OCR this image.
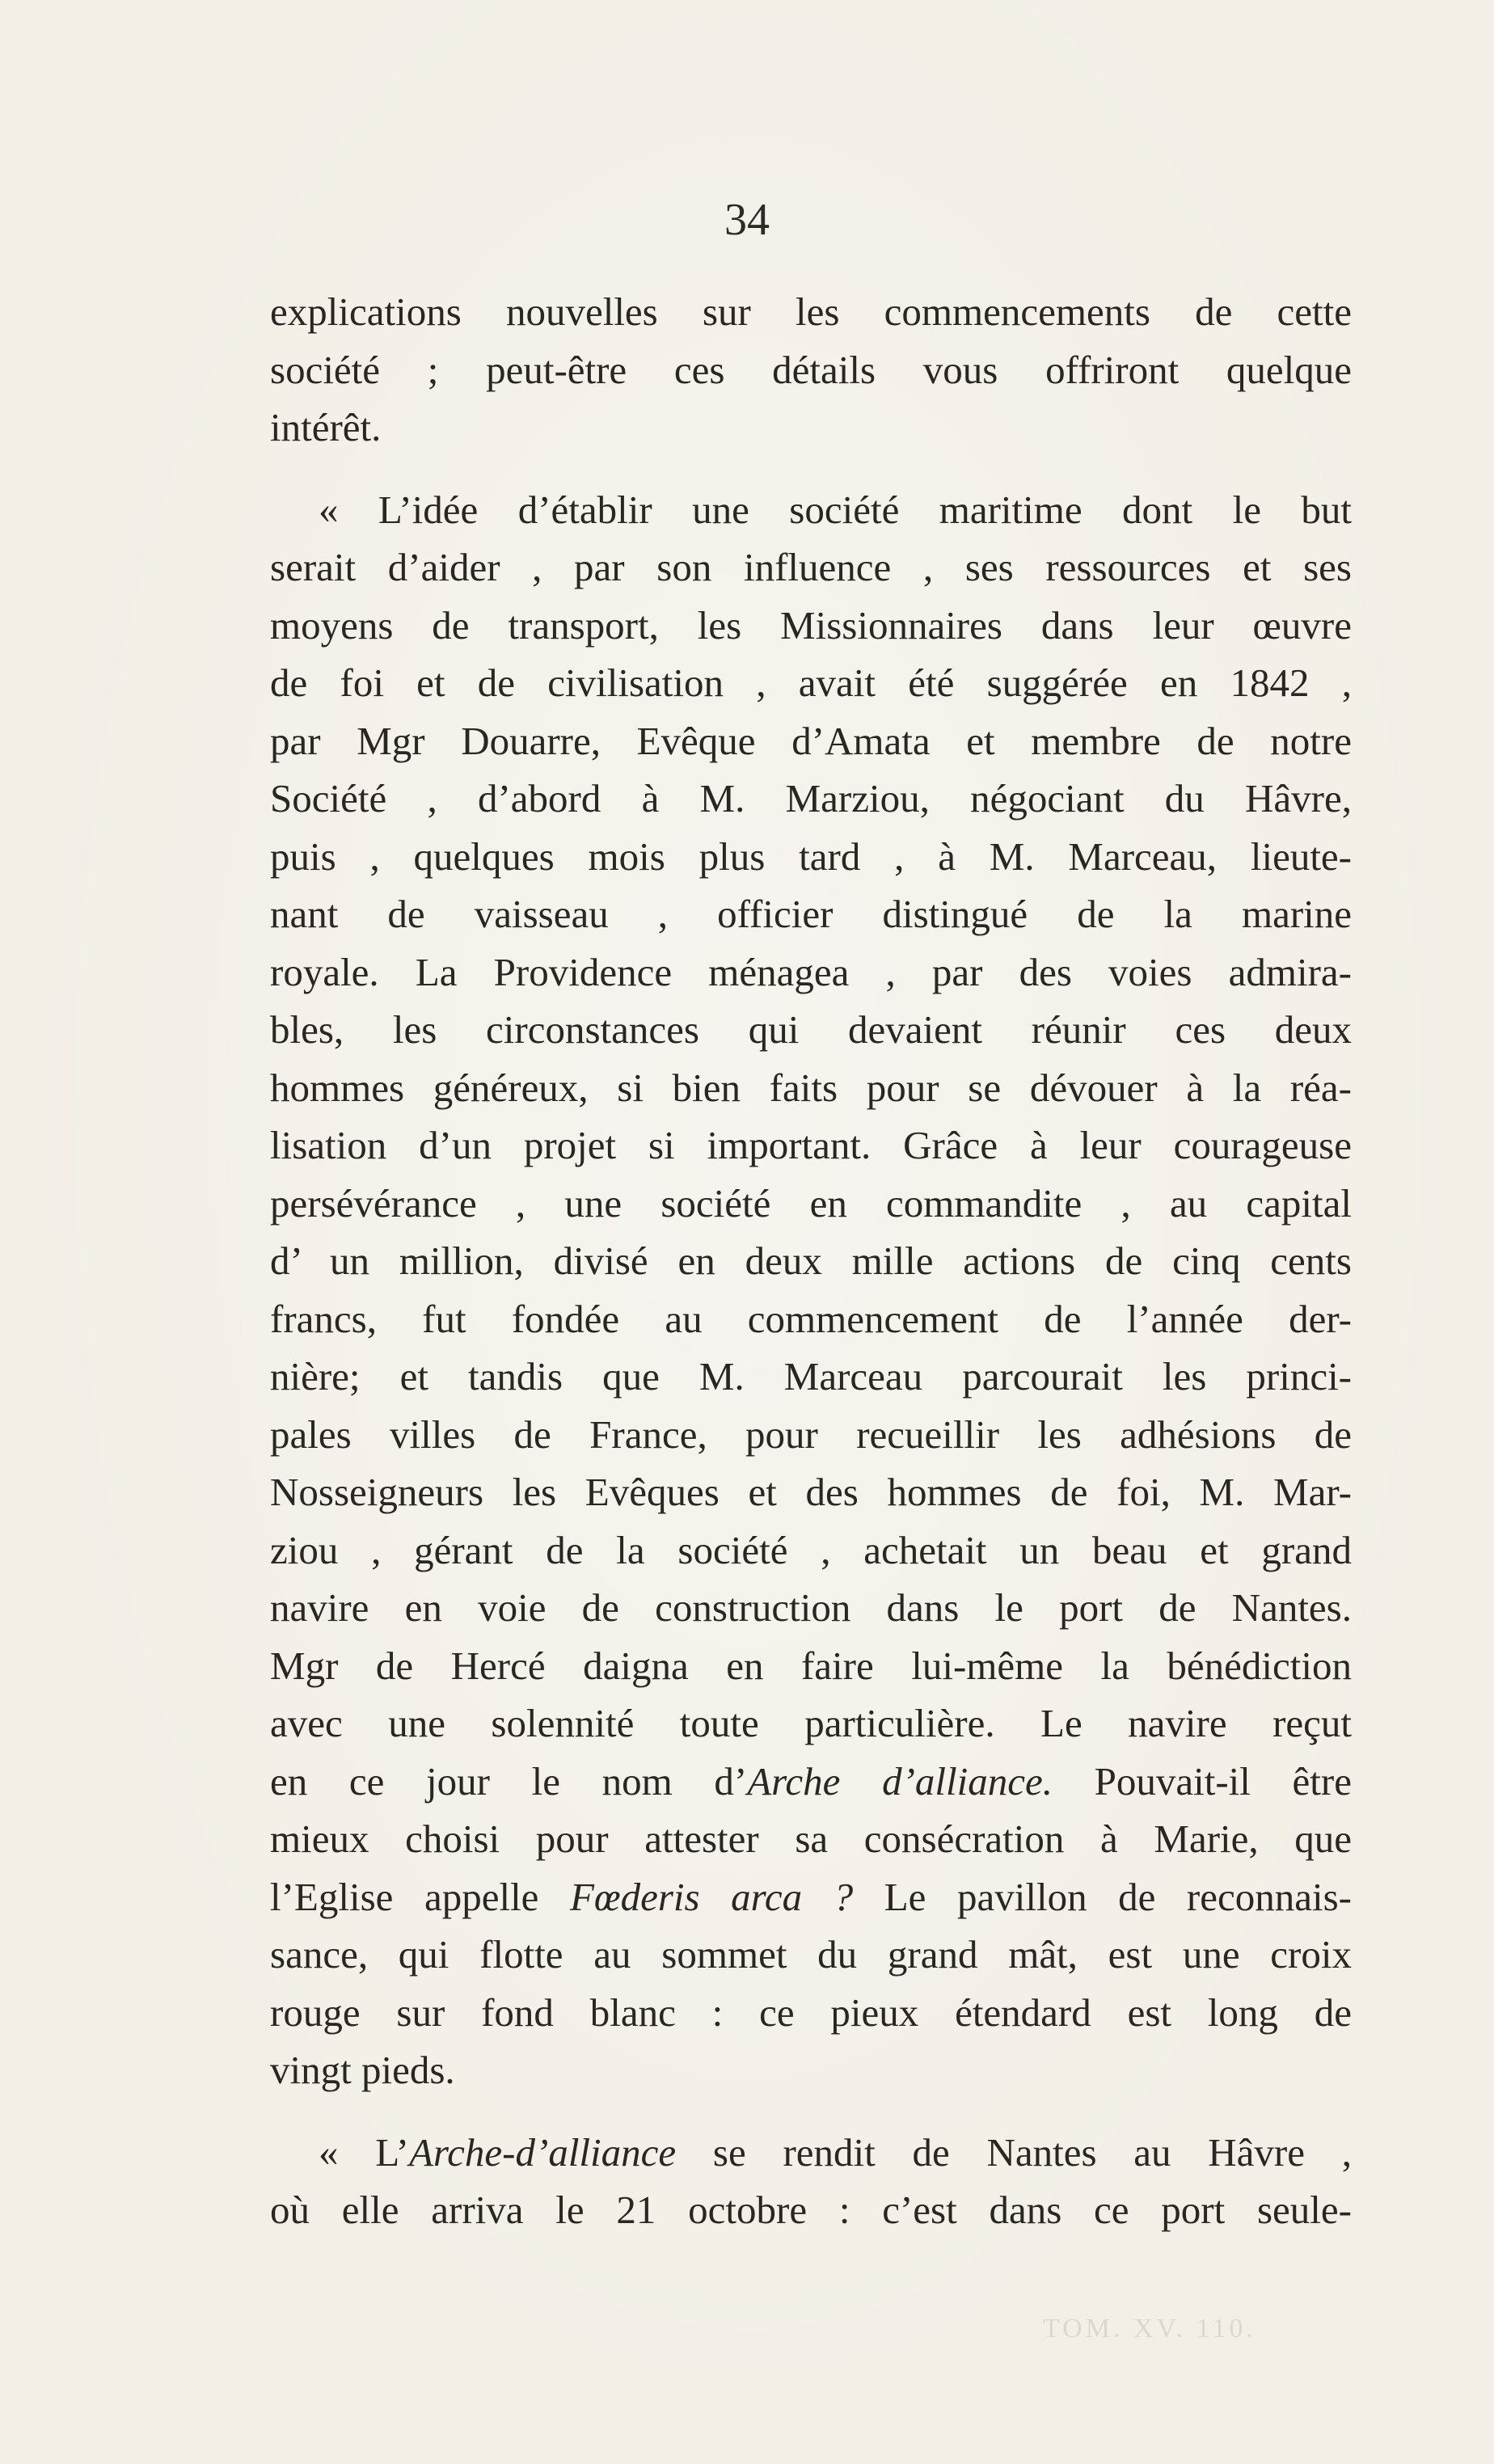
34
explications nouvelles sur les commencements de cette
société ; peut-être ces détails vous offriront quelque
intérêt.
« L’idée d’établir une société maritime dont le but
serait d’aider , par son influence , ses ressources et ses
moyens de transport, les Missionnaires dans leur œuvre
de foi et de civilisation , avait été suggérée en 1842 ,
par Mgr Douarre, Evêque d’Amata et membre de notre
Société , d’abord à M. Marziou, négociant du Hâvre,
puis , quelques mois plus tard , à M. Marceau, lieute-
nant de vaisseau , officier distingué de la marine
royale. La Providence ménagea , par des voies admira-
bles, les circonstances qui devaient réunir ces deux
hommes généreux, si bien faits pour se dévouer à la réa-
lisation d’un projet si important. Grâce à leur courageuse
persévérance , une société en commandite , au capital
d’ un million, divisé en deux mille actions de cinq cents
francs, fut fondée au commencement de l’année der-
nière; et tandis que M. Marceau parcourait les princi-
pales villes de France, pour recueillir les adhésions de
Nosseigneurs les Evêques et des hommes de foi, M. Mar-
ziou , gérant de la société , achetait un beau et grand
navire en voie de construction dans le port de Nantes.
Mgr de Hercé daigna en faire lui-même la bénédiction
avec une solennité toute particulière. Le navire reçut
en ce jour le nom d’Arche d’alliance. Pouvait-il être
mieux choisi pour attester sa consécration à Marie, que
l’Eglise appelle Fœderis arca ? Le pavillon de reconnais-
sance, qui flotte au sommet du grand mât, est une croix
rouge sur fond blanc : ce pieux étendard est long de
vingt pieds.
« L’Arche-d’alliance se rendit de Nantes au Hâvre ,
où elle arriva le 21 octobre : c’est dans ce port seule-
TOM. XV. 110.
